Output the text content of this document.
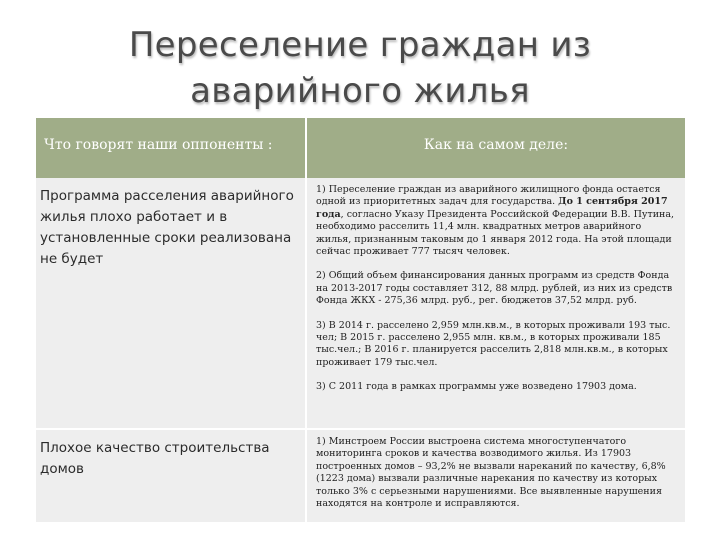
Переселение граждан из
аварийного жилья
Что говорят наши оппоненты :	Как на самом деле:
Программа расселения аварийного жилья плохо работает и в установленные сроки реализована не будет

1) Переселение граждан из аварийного жилищного фонда остается одной из приоритетных задач для государства. До 1 сентября 2017 года, согласно Указу Президента Российской Федерации В.В. Путина, необходимо расселить 11,4 млн. квадратных метров аварийного жилья, признанным таковым до 1 января 2012 года. На этой площади сейчас проживает 777 тысяч человек.

2) Общий объем финансирования данных программ из средств Фонда на 2013-2017 годы составляет 312, 88 млрд. рублей, из них из средств Фонда ЖКХ - 275,36 млрд. руб., рег. бюджетов 37,52 млрд. руб.

3) В 2014 г. расселено 2,959 млн.кв.м., в которых проживали 193 тыс. чел; В 2015 г. расселено 2,955 млн. кв.м., в которых проживали 185 тыс.чел.; В 2016 г. планируется расселить 2,818 млн.кв.м., в которых проживает 179 тыс.чел.

3) С 2011 года в рамках программы уже возведено 17903 дома.

Плохое качество строительства домов

1) Минстроем России выстроена система многоступенчатого мониторинга сроков и качества возводимого жилья. Из 17903 построенных домов – 93,2% не вызвали нареканий по качеству, 6,8% (1223 дома) вызвали различные нарекания по качеству из которых только 3% с серьезными нарушениями. Все выявленные нарушения находятся на контроле и исправляются.
